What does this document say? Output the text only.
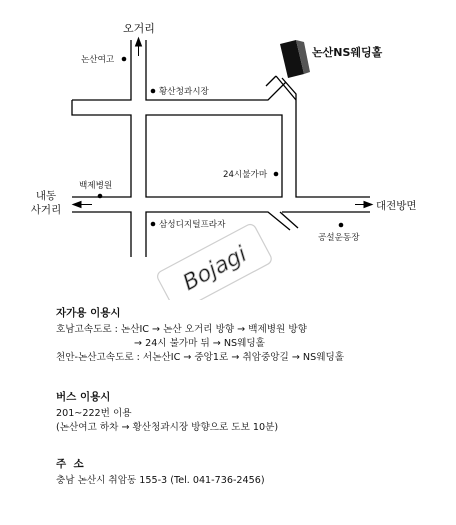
Bojagi
오거리
논산여고
황산청과시장
논산NS웨딩홀
24시불가마
백제병원
내동
사거리	대전방면
삼성디지털프라자
공설운동장
자가용 이용시
호남고속도로 : 논산IC → 논산 오거리 방향 → 백제병원 방향
→ 24시 불가마 뒤 → NS웨딩홀
천안-논산고속도로 : 서논산IC → 중앙1로 → 취암중앙길 → NS웨딩홀
버스 이용시
201~222번 이용
(논산여고 하차 → 황산청과시장 방향으로 도보 10분)
주  소
충남 논산시 취암동 155-3 (Tel. 041-736-2456)
